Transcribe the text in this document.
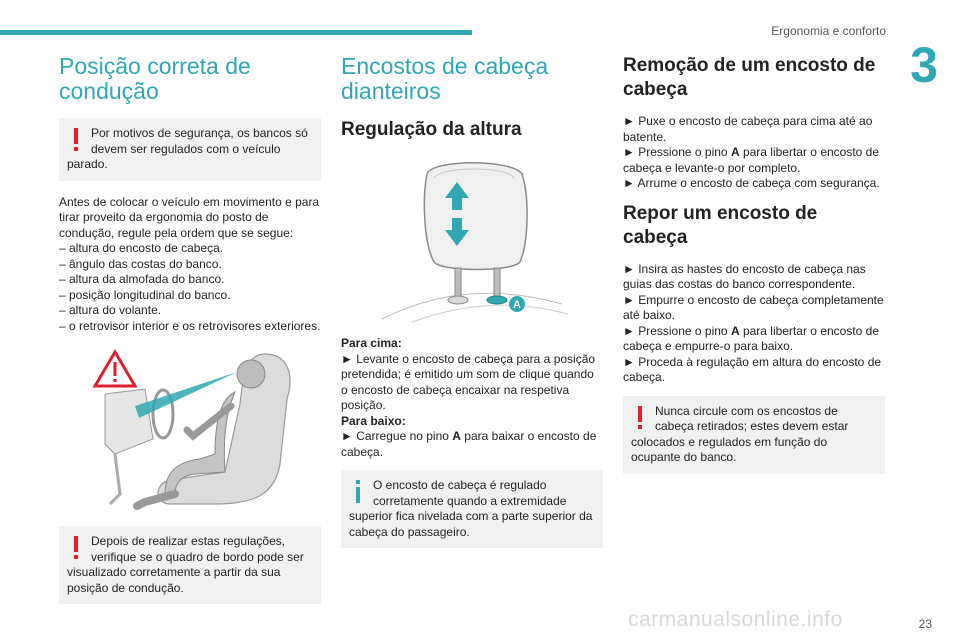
Ergonomia e conforto
3
Posição correta de condução

Por motivos de segurança, os bancos só devem ser regulados com o veículo parado.

Antes de colocar o veículo em movimento e para tirar proveito da ergonomia do posto de condução, regule pela ordem que se segue:

– altura do encosto de cabeça.

– ângulo das costas do banco.

– altura da almofada do banco.

– posição longitudinal do banco.

– altura do volante.

– o retrovisor interior e os retrovisores exteriores.

Depois de realizar estas regulações, verifique se o quadro de bordo pode ser visualizado corretamente a partir da sua posição de condução.

Encostos de cabeça dianteiros
Regulação da altura
A

Para cima:

► Levante o encosto de cabeça para a posição pretendida; é emitido um som de clique quando o encosto de cabeça encaixar na respetiva posição.

Para baixo:

► Carregue no pino A para baixar o encosto de cabeça.

O encosto de cabeça é regulado corretamente quando a extremidade superior fica nivelada com a parte superior da cabeça do passageiro.

Remoção de um encosto de cabeça

► Puxe o encosto de cabeça para cima até ao batente.

► Pressione o pino A para libertar o encosto de cabeça e levante-o por completo.

► Arrume o encosto de cabeça com segurança.

Repor um encosto de cabeça

► Insira as hastes do encosto de cabeça nas guias das costas do banco correspondente.

► Empurre o encosto de cabeça completamente até baixo.

► Pressione o pino A para libertar o encosto de cabeça e empurre-o para baixo.

► Proceda à regulação em altura do encosto de cabeça.

Nunca circule com os encostos de cabeça retirados; estes devem estar colocados e regulados em função do ocupante do banco.

carmanualsonline.info	23
